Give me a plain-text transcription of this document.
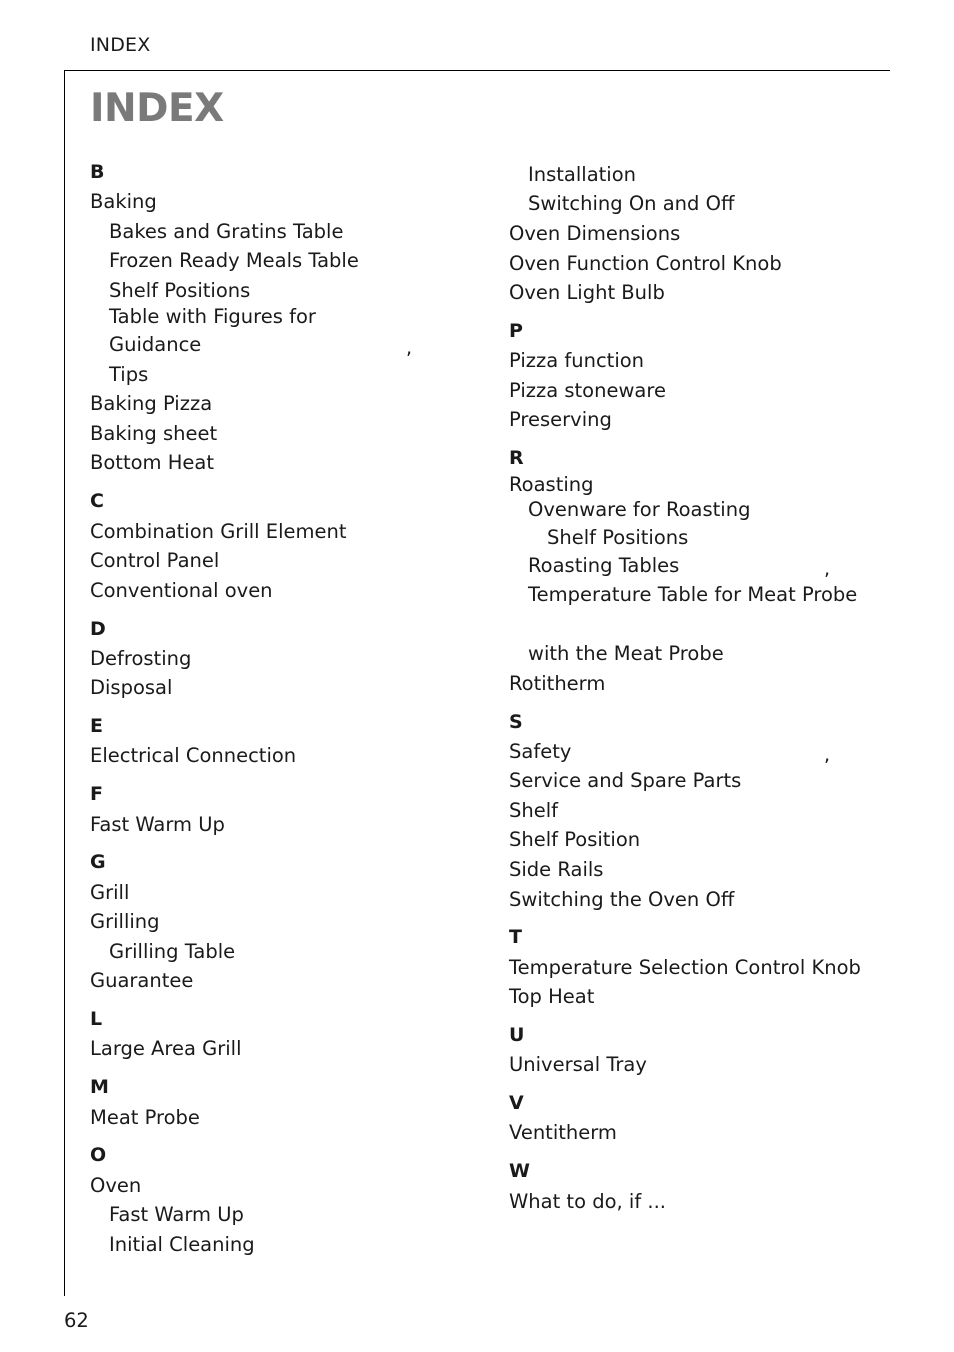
INDEX
INDEX
B
Baking
Bakes and Gratins Table
Frozen Ready Meals Table
Shelf Positions
Table with Figures for
Guidance
Tips
Baking Pizza
Baking sheet
Bottom Heat
C
Combination Grill Element
Control Panel
Conventional oven
D
Defrosting
Disposal
E
Electrical Connection
F
Fast Warm Up
G
Grill
Grilling
Grilling Table
Guarantee
L
Large Area Grill
M
Meat Probe
O
Oven
Fast Warm Up
Initial Cleaning
Installation
Switching On and Off
Oven Dimensions
Oven Function Control Knob
Oven Light Bulb
P
Pizza function
Pizza stoneware
Preserving
R
Roasting
Ovenware for Roasting
Shelf Positions
Roasting Tables
Temperature Table for Meat Probe
with the Meat Probe
Rotitherm
S
Safety
Service and Spare Parts
Shelf
Shelf Position
Side Rails
Switching the Oven Off
T
Temperature Selection Control Knob
Top Heat
U
Universal Tray
V
Ventitherm
W
What to do, if ...
,
,
,
62
